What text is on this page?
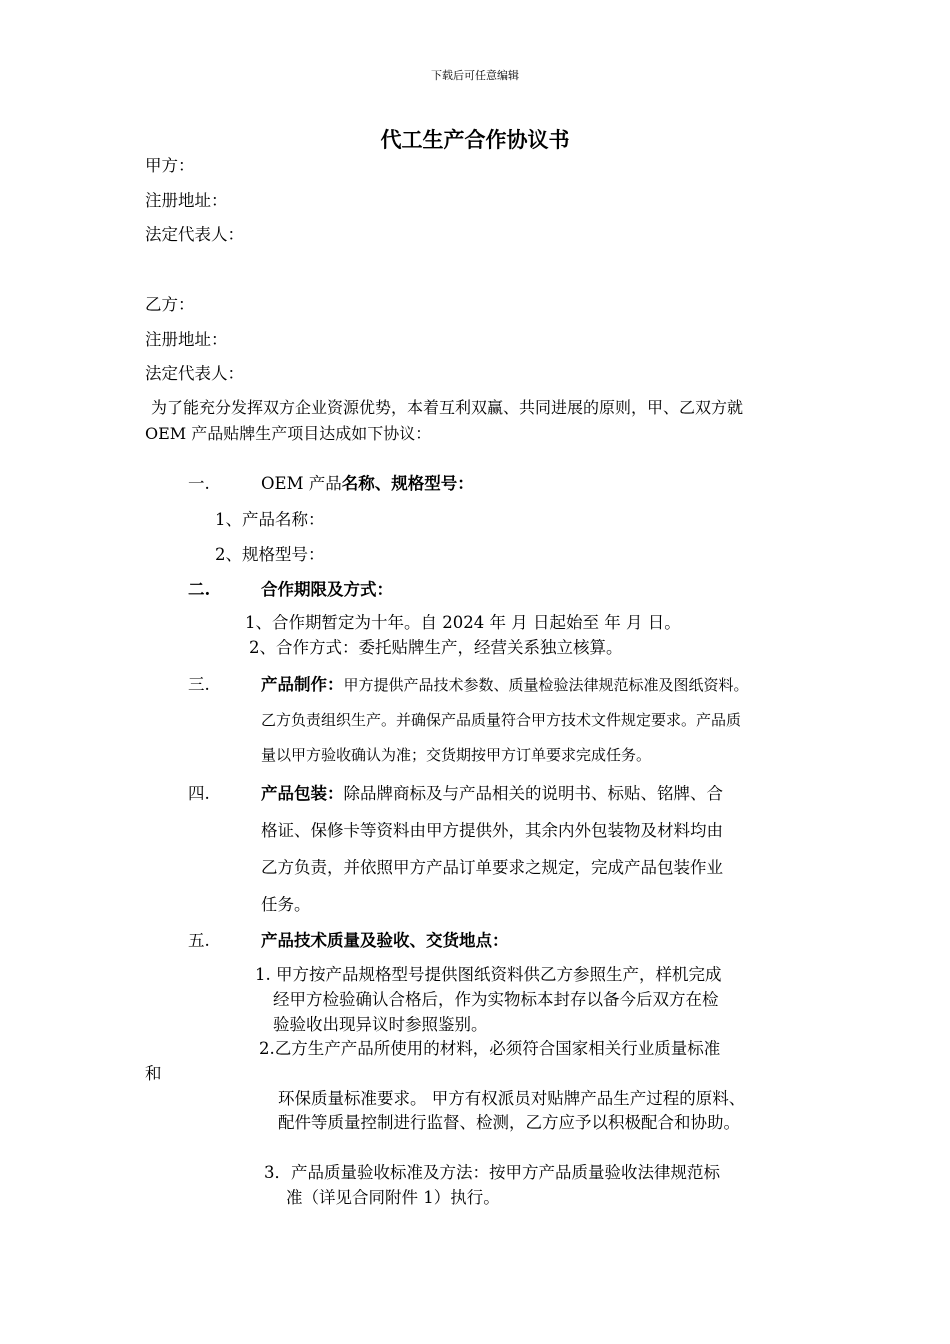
下载后可任意编辑
代工生产合作协议书
甲方：
注册地址：
法定代表人：
乙方：
注册地址：
法定代表人：
为了能充分发挥双方企业资源优势，本着互利双赢、共同进展的原则，甲、乙双方就
OEM 产品贴牌生产项目达成如下协议：
一.	OEM 产品名称、规格型号：
1、产品名称：
2、规格型号：
二.	合作期限及方式：
1、合作期暂定为十年。自 2024 年 月 日起始至 年 月 日。
2、合作方式：委托贴牌生产，经营关系独立核算。
三.	产品制作：甲方提供产品技术参数、质量检验法律规范标准及图纸资料。
乙方负责组织生产。并确保产品质量符合甲方技术文件规定要求。产品质
量以甲方验收确认为准；交货期按甲方订单要求完成任务。
四.	产品包装：除品牌商标及与产品相关的说明书、标贴、铭牌、合
格证、保修卡等资料由甲方提供外，其余内外包装物及材料均由
乙方负责，并依照甲方产品订单要求之规定，完成产品包装作业
任务。
五.	产品技术质量及验收、交货地点：
1. 甲方按产品规格型号提供图纸资料供乙方参照生产，样机完成
经甲方检验确认合格后，作为实物标本封存以备今后双方在检
验验收出现异议时参照鉴别。
2.乙方生产产品所使用的材料，必须符合国家相关行业质量标准
和
环保质量标准要求。 甲方有权派员对贴牌产品生产过程的原料、
配件等质量控制进行监督、检测，乙方应予以积极配合和协助。
3．产品质量验收标准及方法：按甲方产品质量验收法律规范标
准（详见合同附件 1）执行。
